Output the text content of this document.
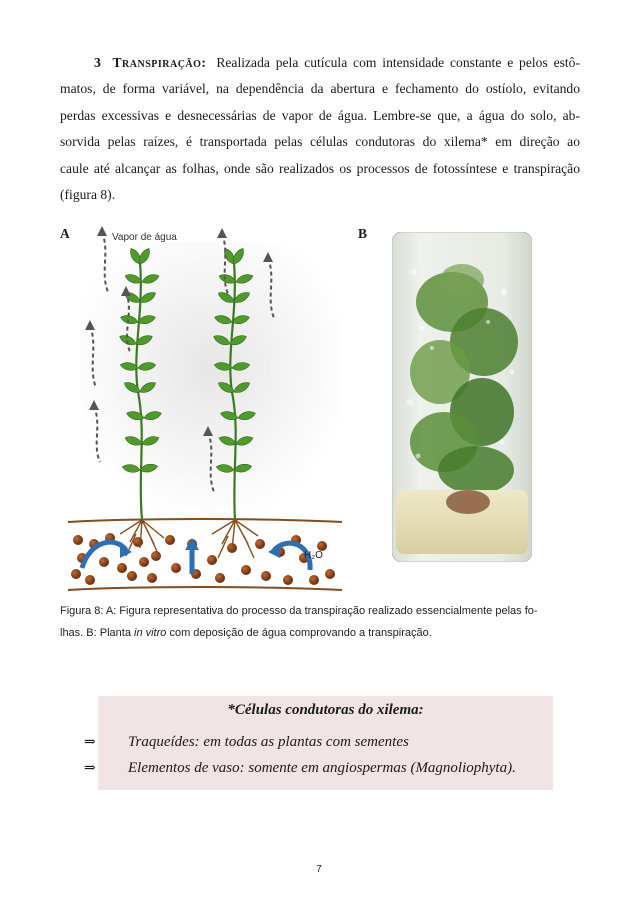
3 Transpiração: Realizada pela cutícula com intensidade constante e pelos estô-
matos, de forma variável, na dependência da abertura e fechamento do ostíolo, evitando
perdas excessivas e desnecessárias de vapor de água. Lembre-se que, a água do solo, ab-
sorvida pelas raízes, é transportada pelas células condutoras do xilema* em direção ao
caule até alcançar as folhas, onde são realizados os processos de fotossíntese e transpiração
(figura 8).
A	B
H₂O
Vapor de água
Figura 8: A: Figura representativa do processo da transpiração realizado essencialmente pelas fo-
lhas. B: Planta in vitro com deposição de água comprovando a transpiração.
*Células condutoras do xilema:
⇒ Traqueídes: em todas as plantas com sementes
⇒ Elementos de vaso: somente em angiospermas (Magnoliophyta).
7
